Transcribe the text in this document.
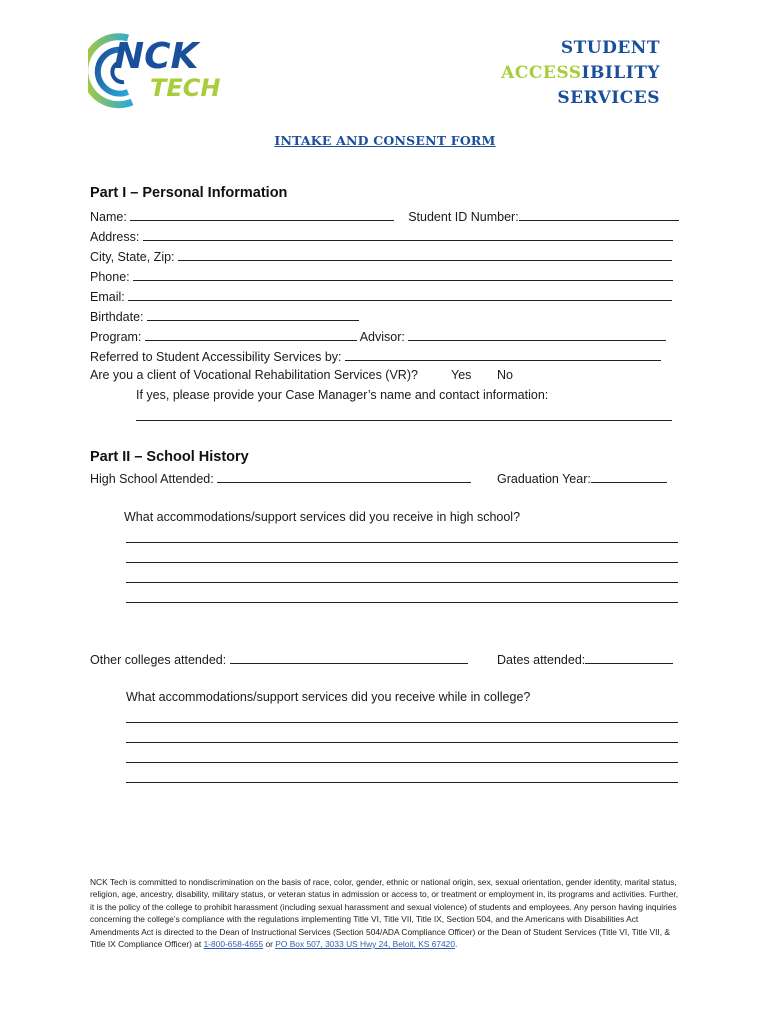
NCK
TECH
STUDENT
ACCESSIBILITY
SERVICES
INTAKE AND CONSENT FORM
Part I – Personal Information
Name:	Student ID Number:
Address:
City, State, Zip:
Phone:
Email:
Birthdate:
Program:	Advisor:
Referred to Student Accessibility Services by:
Are you a client of Vocational Rehabilitation Services (VR)?	Yes No
If yes, please provide your Case Manager’s name and contact information:
Part II – School History
High School Attended:	Graduation Year:
What accommodations/support services did you receive in high school?
Other colleges attended:	Dates attended:
What accommodations/support services did you receive while in college?
NCK Tech is committed to nondiscrimination on the basis of race, color, gender, ethnic or national origin, sex, sexual orientation, gender identity, marital status, religion, age, ancestry, disability, military status, or veteran status in admission or access to, or treatment or employment in, its programs and activities. Further, it is the policy of the college to prohibit harassment (including sexual harassment and sexual violence) of students and employees. Any person having inquiries concerning the college’s compliance with the regulations implementing Title VI, Title VII, Title IX, Section 504, and the Americans with Disabilities Act Amendments Act is directed to the Dean of Instructional Services (Section 504/ADA Compliance Officer) or the Dean of Student Services (Title VI, Title VII, & Title IX Compliance Officer) at 1-800-658-4655 or PO Box 507, 3033 US Hwy 24, Beloit, KS 67420.
